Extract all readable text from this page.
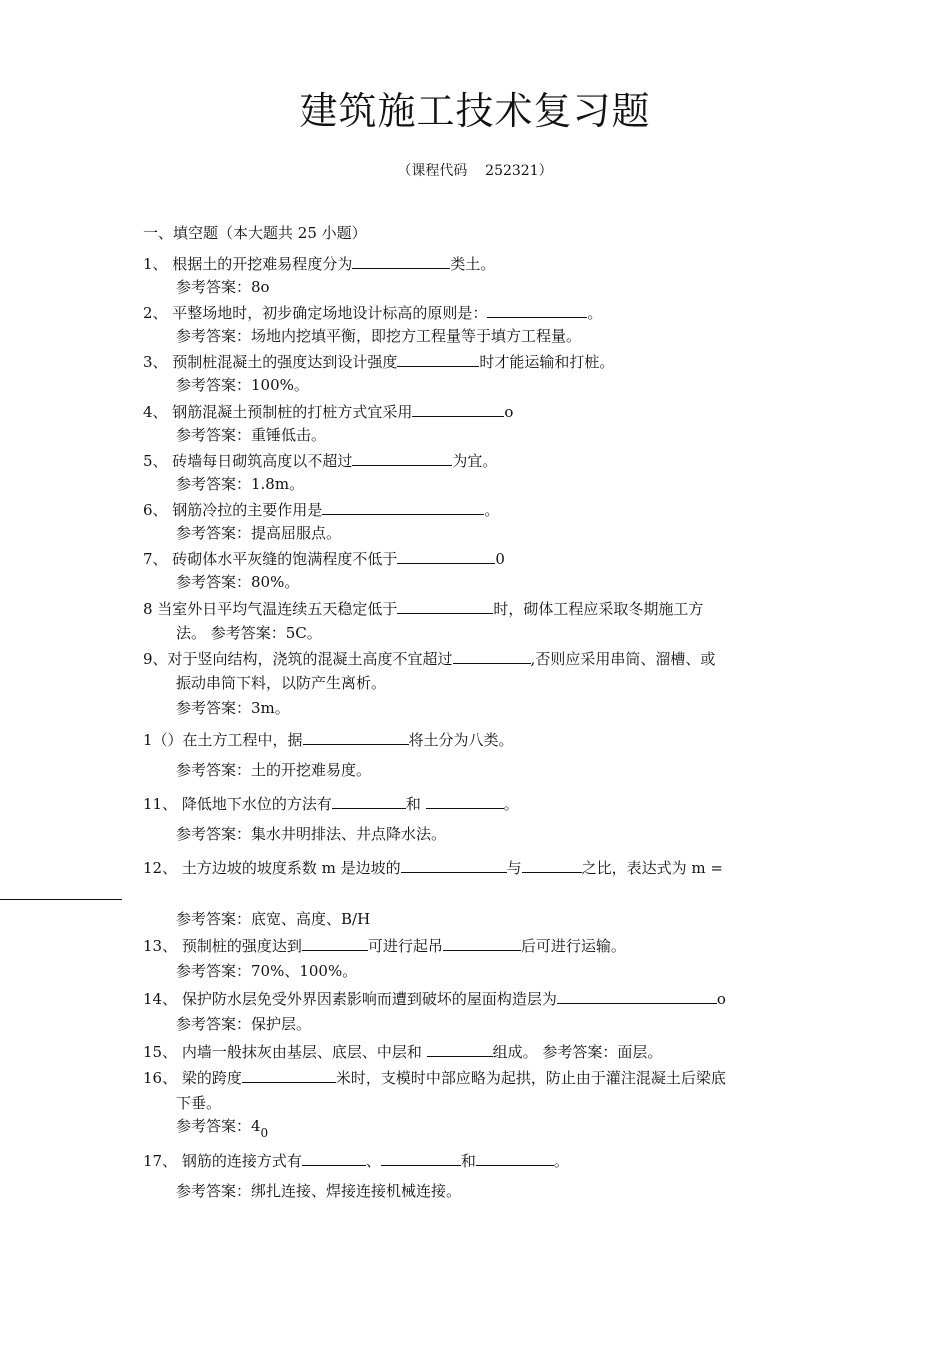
建筑施工技术复习题
（课程代码    252321）
一、填空题（本大题共 25 小题）
1、 根据土的开挖难易程度分为	类土。
参考答案：8o
2、 平整场地时，初步确定场地设计标高的原则是：	。
参考答案：场地内挖填平衡，即挖方工程量等于填方工程量。
3、 预制桩混凝土的强度达到设计强度	时才能运输和打桩。
参考答案：100%。
4、 钢筋混凝土预制桩的打桩方式宜采用	o
参考答案：重锤低击。
5、 砖墙每日砌筑高度以不超过	为宜。
参考答案：1.8m。
6、 钢筋冷拉的主要作用是	。
参考答案：提高屈服点。
7、 砖砌体水平灰缝的饱满程度不低于	0
参考答案：80%。
8 当室外日平均气温连续五天稳定低于	时，砌体工程应采取冬期施工方
法。 参考答案：5C。
9、对于竖向结构，浇筑的混凝土高度不宜超过	,否则应采用串筒、溜槽、或
振动串筒下料，以防产生离析。
参考答案：3m。
1（）在土方工程中，据	将土分为八类。
参考答案：土的开挖难易度。
11、 降低地下水位的方法有	和	。
参考答案：集水井明排法、井点降水法。
12、 土方边坡的坡度系数 m 是边坡的	与	之比，表达式为 m =
参考答案：底宽、高度、B/H
13、 预制桩的强度达到	可进行起吊	后可进行运输。
参考答案：70%、100%。
14、 保护防水层免受外界因素影响而遭到破坏的屋面构造层为	o
参考答案：保护层。
15、 内墙一般抹灰由基层、底层、中层和	组成。 参考答案：面层。
16、 梁的跨度	米时，支模时中部应略为起拱，防止由于灌注混凝土后梁底
下垂。
参考答案：$4_0$
17、 钢筋的连接方式有	、	和	。
参考答案：绑扎连接、焊接连接机械连接。
